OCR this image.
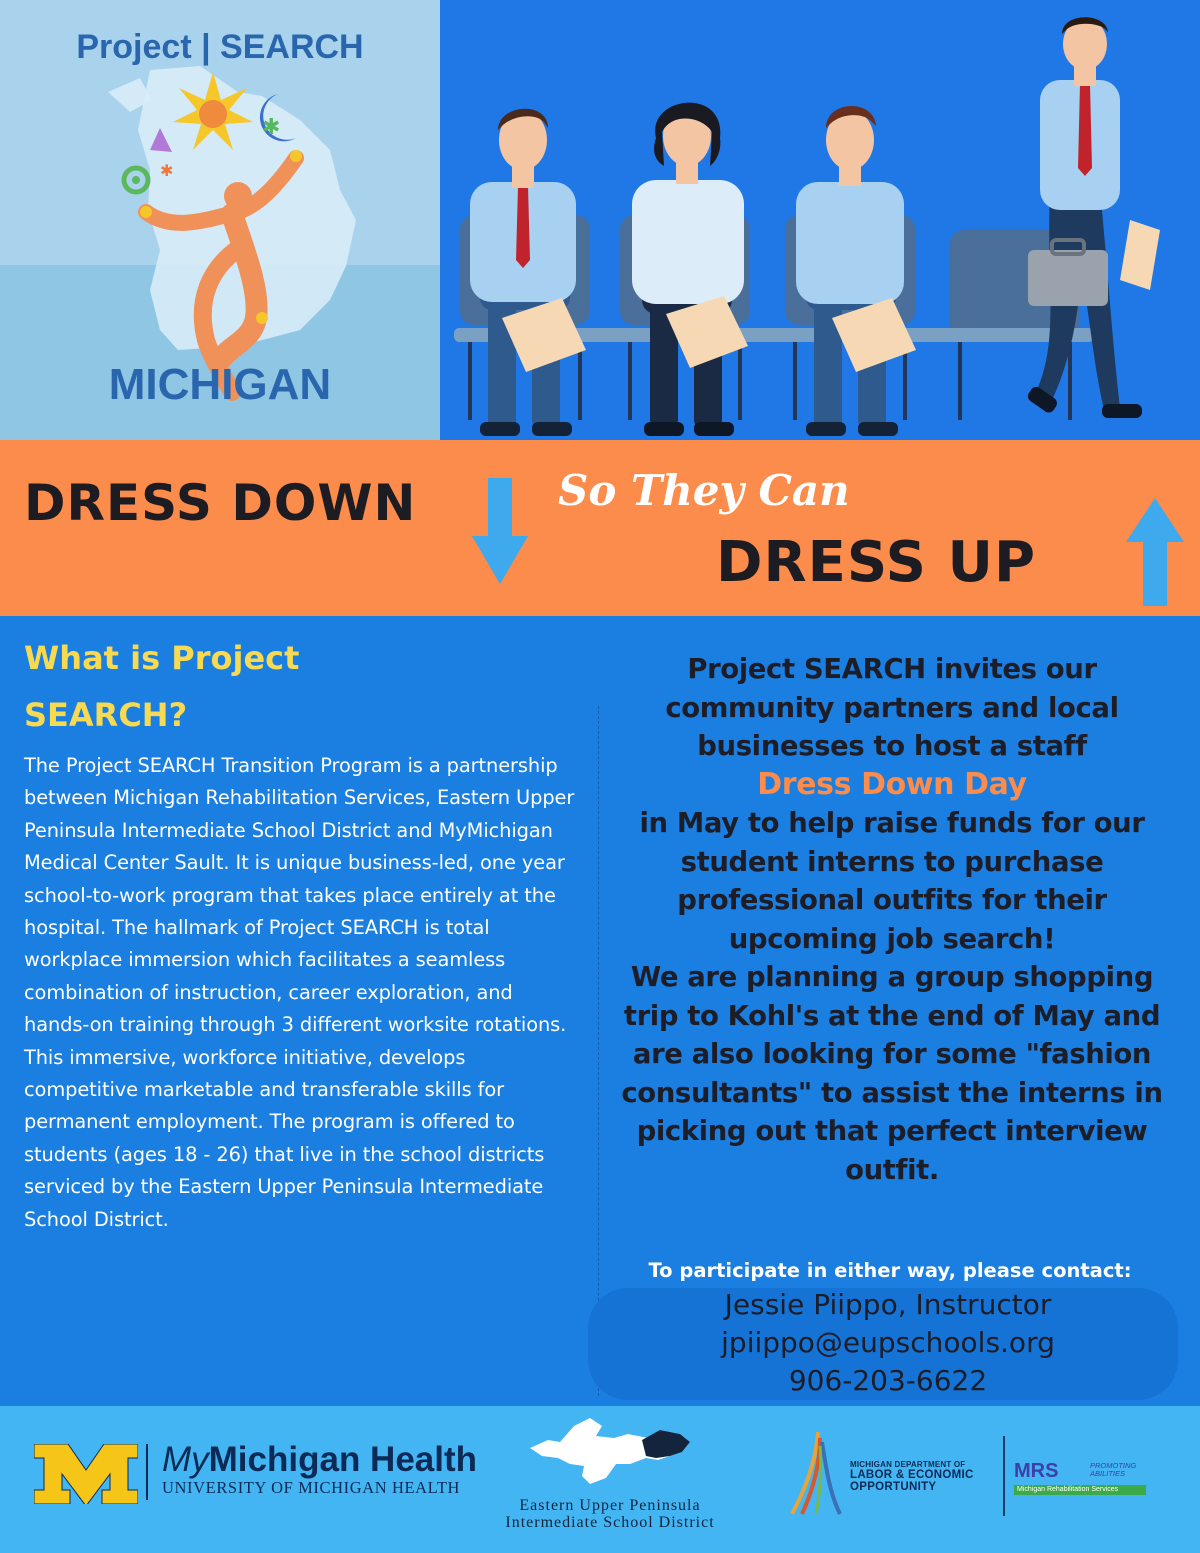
✱
✱
Project | SEARCH
MICHIGAN
DRESS DOWN	So They Can
DRESS UP
What is Project SEARCH?
The Project SEARCH Transition Program is a partnership between Michigan Rehabilitation Services, Eastern Upper Peninsula Intermediate School District and MyMichigan Medical Center Sault. It is unique business-led, one year school-to-work program that takes place entirely at the hospital. The hallmark of Project SEARCH is total workplace immersion which facilitates a seamless combination of instruction, career exploration, and hands-on training through 3 different worksite rotations. This immersive, workforce initiative, develops competitive marketable and transferable skills for permanent employment. The program is offered to students (ages 18 - 26) that live in the school districts serviced by the Eastern Upper Peninsula Intermediate School District.
Project SEARCH invites our community partners and local businesses to host a staff
Dress Down Day
in May to help raise funds for our student interns to purchase professional outfits for their upcoming job search!
We are planning a group shopping trip to Kohl's at the end of May and are also looking for some "fashion consultants" to assist the interns in picking out that perfect interview outfit.
To participate in either way, please contact:
Jessie Piippo, Instructor
jpiippo@eupschools.org
906-203-6622
MyMichigan Health
UNIVERSITY OF MICHIGAN HEALTH
Eastern Upper Peninsula
Intermediate School District
MICHIGAN DEPARTMENT OF
LABOR & ECONOMIC
OPPORTUNITY
MRS	PROMOTING
ABILITIES
Michigan Rehabilitation Services
